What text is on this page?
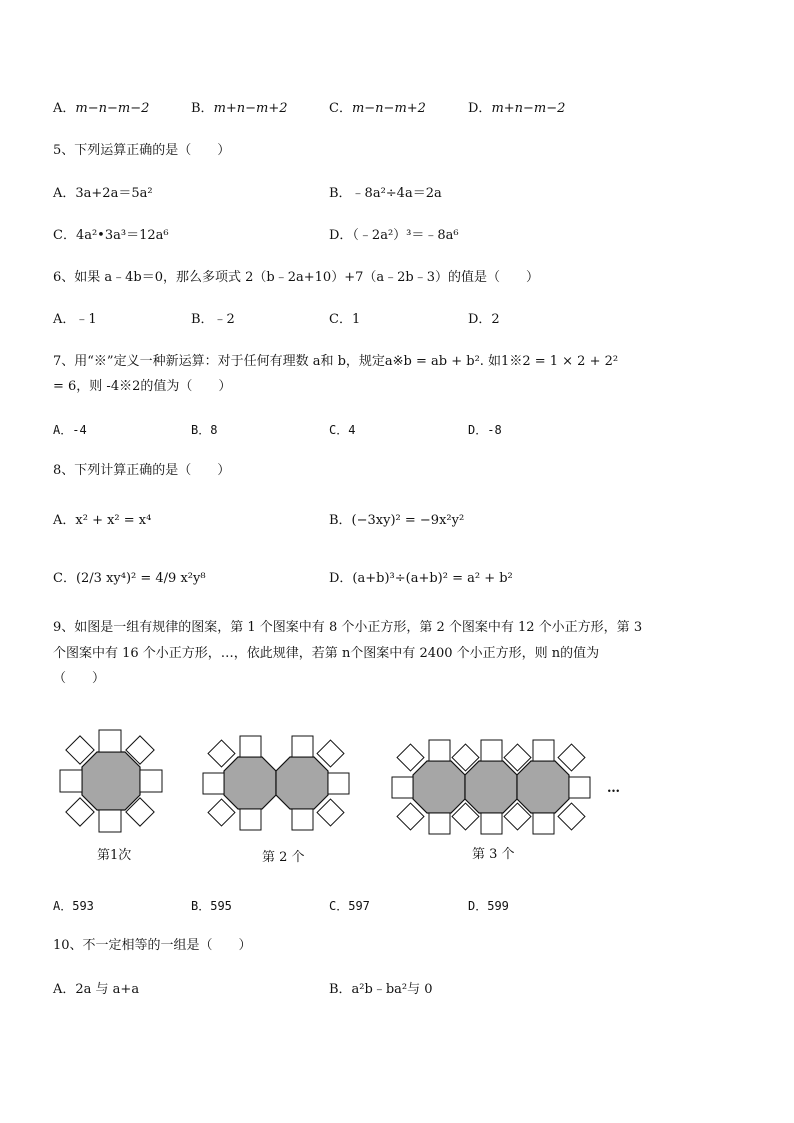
A．m−n−m−2	B．m+n−m+2	C．m−n−m+2	D．m+n−m−2
5、下列运算正确的是（　　）
A．3a+2a＝5a²	B．﹣8a²÷4a＝2a
C．4a²•3a³＝12a⁶	D．（﹣2a²）³＝﹣8a⁶
6、如果 a﹣4b＝0，那么多项式 2（b﹣2a+10）+7（a﹣2b﹣3）的值是（　　）
A．﹣1	B．﹣2	C．1	D．2
7、用“※”定义一种新运算：对于任何有理数 a和 b，规定a※b = ab + b². 如1※2 = 1 × 2 + 2²
= 6，则 -4※2的值为（　　）
A．-4	B．8	C．4	D．-8
8、下列计算正确的是（　　）
A．x² + x² = x⁴	B．(−3xy)² = −9x²y²
C．(2/3 xy⁴)² = 4/9 x²y⁸	D．(a+b)³÷(a+b)² = a² + b²
9、如图是一组有规律的图案，第 1 个图案中有 8 个小正方形，第 2 个图案中有 12 个小正方形，第 3
个图案中有 16 个小正方形，…，依此规律，若第 n个图案中有 2400 个小正方形，则 n的值为
（　　）
…
第1次	第 2 个	第 3 个
A．593	B．595	C．597	D．599
10、不一定相等的一组是（　　）
A．2a 与 a+a	B．a²b﹣ba²与 0
